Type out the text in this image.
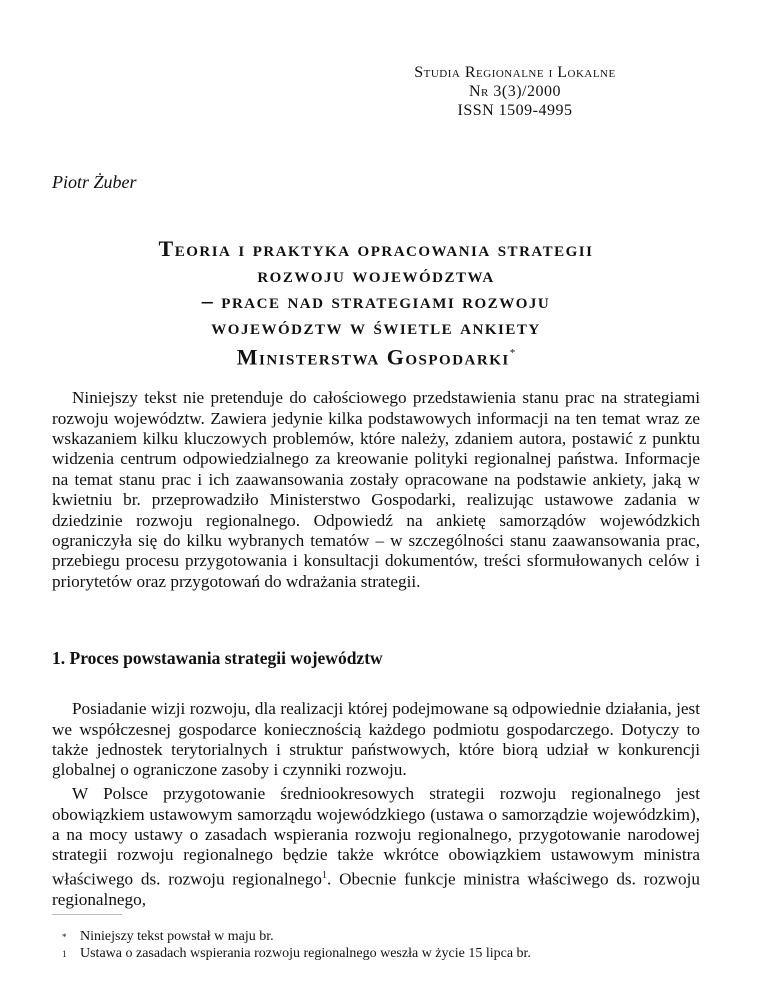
Studia Regionalne i Lokalne
Nr 3(3)/2000
ISSN 1509-4995
Piotr Żuber
Teoria i praktyka opracowania strategii
rozwoju województwa
– prace nad strategiami rozwoju
województw w świetle ankiety
Ministerstwa Gospodarki*

Niniejszy tekst nie pretenduje do całościowego przedstawienia stanu prac na strategiami rozwoju województw. Zawiera jedynie kilka podstawowych informacji na ten temat wraz ze wskazaniem kilku kluczowych problemów, które należy, zdaniem autora, postawić z punktu widzenia centrum odpowiedzialnego za kreowanie polityki regionalnej państwa. Informacje na temat stanu prac i ich zaawansowania zostały opracowane na podstawie ankiety, jaką w kwietniu br. przeprowadziło Ministerstwo Gospodarki, realizując ustawowe zadania w dziedzinie rozwoju regionalnego. Odpowiedź na ankietę samorządów wojewódzkich ograniczyła się do kilku wybranych tematów – w szczególności stanu zaawansowania prac, przebiegu procesu przygotowania i konsultacji dokumentów, treści sformułowanych celów i priorytetów oraz przygotowań do wdrażania strategii.

1. Proces powstawania strategii województw

Posiadanie wizji rozwoju, dla realizacji której podejmowane są odpowiednie działania, jest we współczesnej gospodarce koniecznością każdego podmiotu gospodarczego. Dotyczy to także jednostek terytorialnych i struktur państwowych, które biorą udział w konkurencji globalnej o ograniczone zasoby i czynniki rozwoju.

W Polsce przygotowanie średniookresowych strategii rozwoju regionalnego jest obowiązkiem ustawowym samorządu wojewódzkiego (ustawa o samorządzie wojewódzkim), a na mocy ustawy o zasadach wspierania rozwoju regionalnego, przygotowanie narodowej strategii rozwoju regionalnego będzie także wkrótce obowiązkiem ustawowym ministra właściwego ds. rozwoju regionalnego$^1$. Obecnie funkcje ministra właściwego ds. rozwoju regionalnego,

* Niniejszy tekst powstał w maju br.
1 Ustawa o zasadach wspierania rozwoju regionalnego weszła w życie 15 lipca br.
